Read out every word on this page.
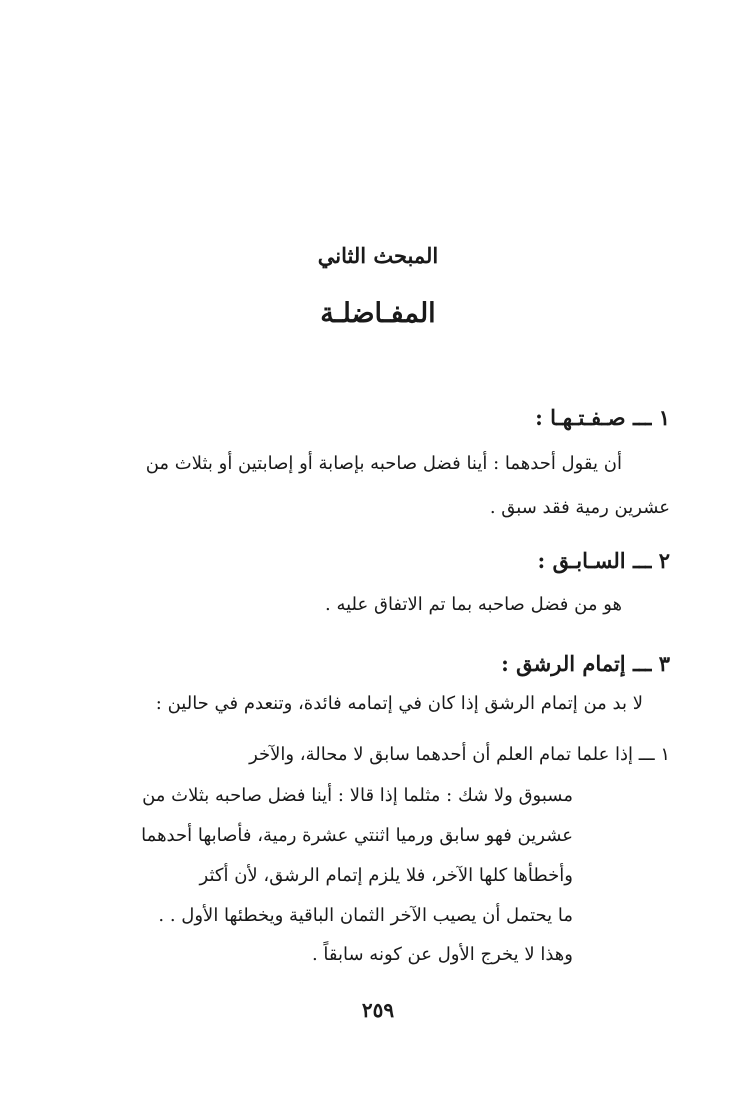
المبحث الثاني
المفـاضلـة
١ ـــ صـفـتـهـا :
أن يقول أحدهما : أينا فضل صاحبه بإصابة أو إصابتين أو بثلاث من
عشرين رمية فقد سبق .
٢ ـــ السـابـق :
هو من فضل صاحبه بما تم الاتفاق عليه .
٣ ـــ إتمام الرشق :
لا بد من إتمام الرشق إذا كان في إتمامه فائدة، وتنعدم في حالين :
١ ـــ إذا علما تمام العلم أن أحدهما سابق لا محالة، والآخر
مسبوق ولا شك : مثلما إذا قالا : أينا فضل صاحبه بثلاث من
عشرين فهو سابق ورميا اثنتي عشرة رمية، فأصابها أحدهما
وأخطأها كلها الآخر، فلا يلزم إتمام الرشق، لأن أكثر
ما يحتمل أن يصيب الآخر الثمان الباقية ويخطئها الأول . .
وهذا لا يخرج الأول عن كونه سابقاً .
٢٥٩
